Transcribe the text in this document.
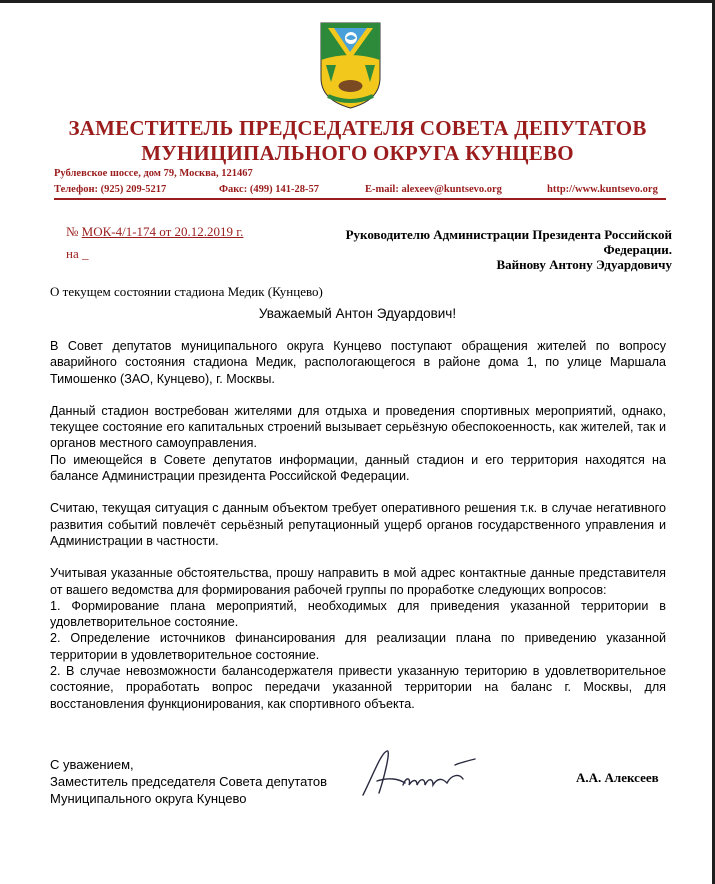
ЗАМЕСТИТЕЛЬ ПРЕДСЕДАТЕЛЯ СОВЕТА ДЕПУТАТОВ
МУНИЦИПАЛЬНОГО ОКРУГА КУНЦЕВО
Рублевское шоссе, дом 79, Москва, 121467
Телефон: (925) 209-5217	Факс: (499) 141-28-57	E-mail: alexeev@kuntsevo.org	http://www.kuntsevo.org
№ МОК-4/1-174 от 20.12.2019 г.
на _
Руководителю Администрации Президента Российской
Федерации.
Вайнову Антону Эдуардовичу
О текущем состоянии стадиона Медик (Кунцево)
Уважаемый Антон Эдуардович!

В Совет депутатов муниципального округа Кунцево поступают обращения жителей по вопросу аварийного состояния стадиона Медик, распологающегося в районе дома 1, по улице Маршала Тимошенко (ЗАО, Кунцево), г. Москвы.

Данный стадион востребован жителями для отдыха и проведения спортивных мероприятий, однако, текущее состояние его капитальных строений вызывает серьёзную обеспокоенность, как жителей, так и органов местного самоуправления.

По имеющейся в Совете депутатов информации, данный стадион и его территория находятся на балансе Администрации президента Российской Федерации.

Считаю, текущая ситуация с данным объектом требует оперативного решения т.к. в случае негативного развития событий повлечёт серьёзный репутационный ущерб органов государственного управления и Администрации в частности.

Учитывая указанные обстоятельства, прошу направить в мой адрес контактные данные представителя от вашего ведомства для формирования рабочей группы по проработке следующих вопросов:

1. Формирование плана мероприятий, необходимых для приведения указанной территории в удовлетворительное состояние.

2. Определение источников финансирования для реализации плана по приведению указанной территории в удовлетворительное состояние.

2. В случае невозможности балансодержателя привести указанную територию в удовлетворительное состояние, проработать вопрос передачи указанной территории на баланс г. Москвы, для восстановления функционирования, как спортивного объекта.

С уважением,
Заместитель председателя Совета депутатов
Муниципального округа Кунцево
А.А. Алексеев
